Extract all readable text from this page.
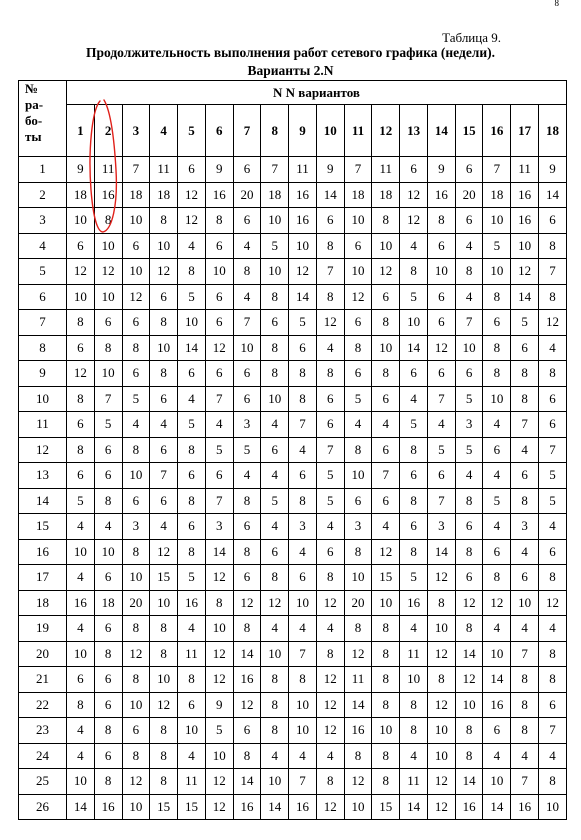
8
Таблица 9.
Продолжительность выполнения работ сетевого графика (недели).
Варианты 2.N
№
ра-
бо-
ты	N N вариантов																	
	1	2	3	4	5	6	7	8	9	10	11	12	13	14	15	16	17	18
1	9	11	7	11	6	9	6	7	11	9	7	11	6	9	6	7	11	9
2	18	16	18	18	12	16	20	18	16	14	18	18	12	16	20	18	16	14
3	10	8	10	8	12	8	6	10	16	6	10	8	12	8	6	10	16	6
4	6	10	6	10	4	6	4	5	10	8	6	10	4	6	4	5	10	8
5	12	12	10	12	8	10	8	10	12	7	10	12	8	10	8	10	12	7
6	10	10	12	6	5	6	4	8	14	8	12	6	5	6	4	8	14	8
7	8	6	6	8	10	6	7	6	5	12	6	8	10	6	7	6	5	12
8	6	8	8	10	14	12	10	8	6	4	8	10	14	12	10	8	6	4
9	12	10	6	8	6	6	6	8	8	8	6	8	6	6	6	8	8	8
10	8	7	5	6	4	7	6	10	8	6	5	6	4	7	5	10	8	6
11	6	5	4	4	5	4	3	4	7	6	4	4	5	4	3	4	7	6
12	8	6	8	6	8	5	5	6	4	7	8	6	8	5	5	6	4	7
13	6	6	10	7	6	6	4	4	6	5	10	7	6	6	4	4	6	5
14	5	8	6	6	8	7	8	5	8	5	6	6	8	7	8	5	8	5
15	4	4	3	4	6	3	6	4	3	4	3	4	6	3	6	4	3	4
16	10	10	8	12	8	14	8	6	4	6	8	12	8	14	8	6	4	6
17	4	6	10	15	5	12	6	8	6	8	10	15	5	12	6	8	6	8
18	16	18	20	10	16	8	12	12	10	12	20	10	16	8	12	12	10	12
19	4	6	8	8	4	10	8	4	4	4	8	8	4	10	8	4	4	4
20	10	8	12	8	11	12	14	10	7	8	12	8	11	12	14	10	7	8
21	6	6	8	10	8	12	16	8	8	12	11	8	10	8	12	14	8	8
22	8	6	10	12	6	9	12	8	10	12	14	8	8	12	10	16	8	6
23	4	8	6	8	10	5	6	8	10	12	16	10	8	10	8	6	8	7
24	4	6	8	8	4	10	8	4	4	4	8	8	4	10	8	4	4	4
25	10	8	12	8	11	12	14	10	7	8	12	8	11	12	14	10	7	8
26	14	16	10	15	15	12	16	14	16	12	10	15	14	12	16	14	16	10
